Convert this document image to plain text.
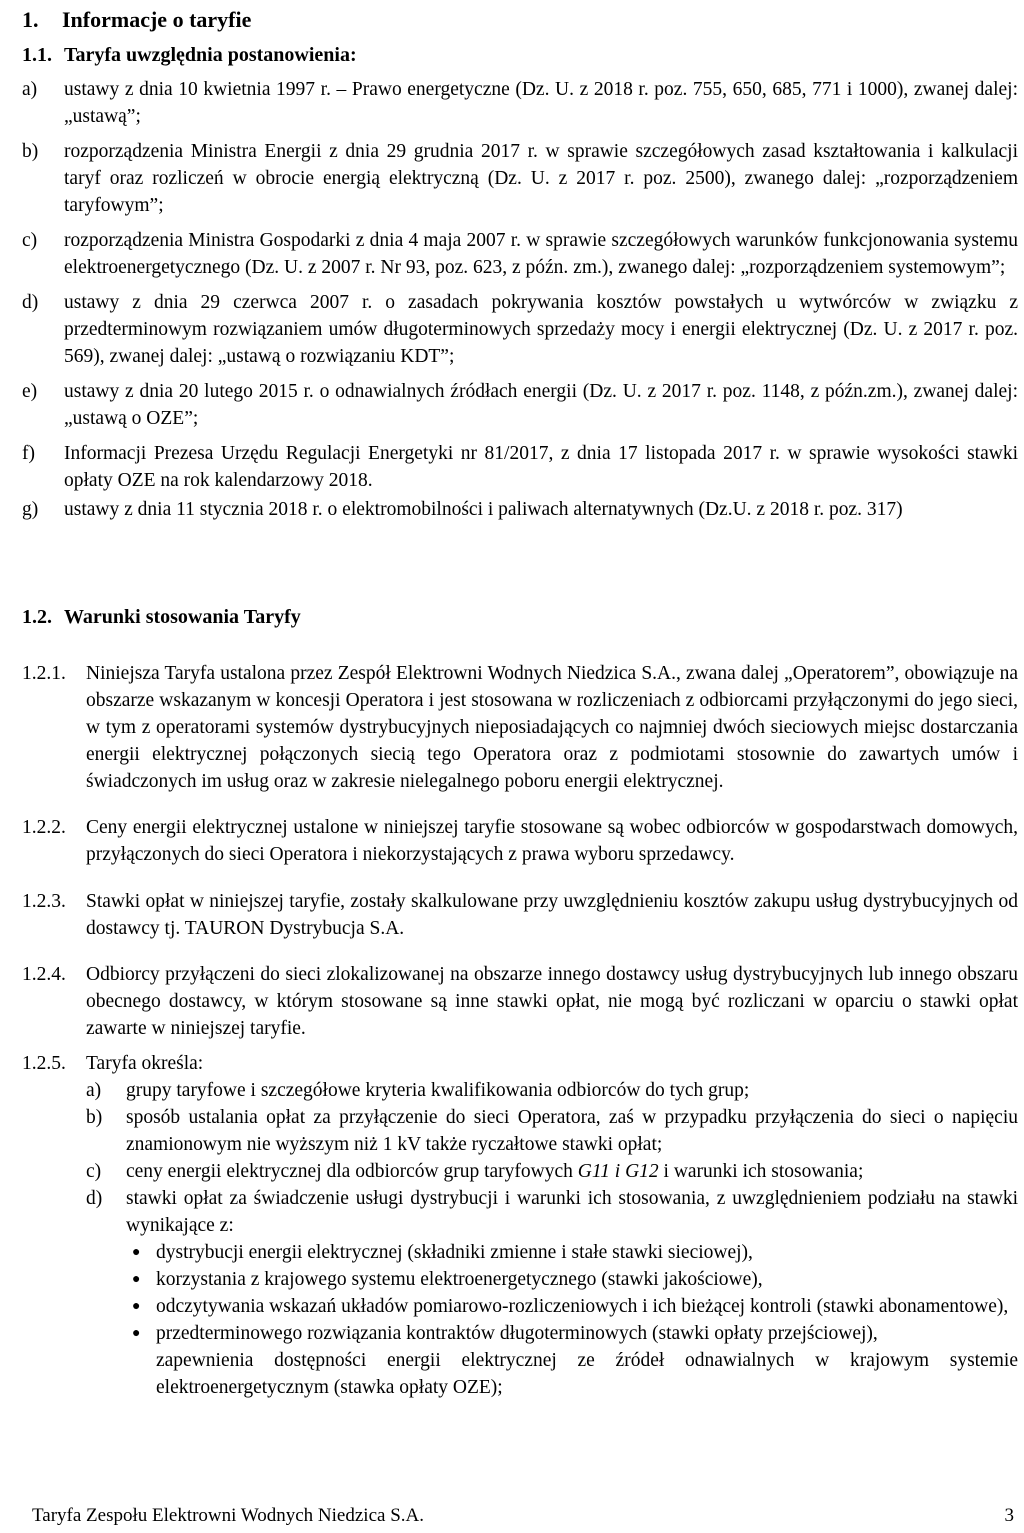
1. Informacje o taryfie
1.1. Taryfa uwzględnia postanowienia:

a) ustawy z dnia 10 kwietnia 1997 r. – Prawo energetyczne (Dz. U. z 2018 r. poz. 755, 650, 685, 771 i 1000), zwanej dalej: „ustawą”;

b) rozporządzenia Ministra Energii z dnia 29 grudnia 2017 r. w sprawie szczegółowych zasad kształtowania i kalkulacji taryf oraz rozliczeń w obrocie energią elektryczną (Dz. U. z 2017 r. poz. 2500), zwanego dalej: „rozporządzeniem taryfowym”;

c) rozporządzenia Ministra Gospodarki z dnia 4 maja 2007 r. w sprawie szczegółowych warunków funkcjonowania systemu elektroenergetycznego (Dz. U. z 2007 r. Nr 93, poz. 623, z późn. zm.), zwanego dalej: „rozporządzeniem systemowym”;

d) ustawy z dnia 29 czerwca 2007 r. o zasadach pokrywania kosztów powstałych u wytwórców w związku z przedterminowym rozwiązaniem umów długoterminowych sprzedaży mocy i energii elektrycznej (Dz. U. z 2017 r. poz. 569), zwanej dalej: „ustawą o rozwiązaniu KDT”;

e) ustawy z dnia 20 lutego 2015 r. o odnawialnych źródłach energii (Dz. U. z 2017 r. poz. 1148, z późn.zm.), zwanej dalej: „ustawą o OZE”;

f) Informacji Prezesa Urzędu Regulacji Energetyki nr 81/2017, z dnia 17 listopada 2017 r. w sprawie wysokości stawki opłaty OZE na rok kalendarzowy 2018.

g) ustawy z dnia 11 stycznia 2018 r. o elektromobilności i paliwach alternatywnych (Dz.U. z 2018 r. poz. 317)

1.2. Warunki stosowania Taryfy

1.2.1. Niniejsza Taryfa ustalona przez Zespół Elektrowni Wodnych Niedzica S.A., zwana dalej „Operatorem”, obowiązuje na obszarze wskazanym w koncesji Operatora i jest stosowana w rozliczeniach z odbiorcami przyłączonymi do jego sieci, w tym z operatorami systemów dystrybucyjnych nieposiadających co najmniej dwóch sieciowych miejsc dostarczania energii elektrycznej połączonych siecią tego Operatora oraz z podmiotami stosownie do zawartych umów i świadczonych im usług oraz w zakresie nielegalnego poboru energii elektrycznej.

1.2.2. Ceny energii elektrycznej ustalone w niniejszej taryfie stosowane są wobec odbiorców w gospodarstwach domowych, przyłączonych do sieci Operatora i niekorzystających z prawa wyboru sprzedawcy.

1.2.3. Stawki opłat w niniejszej taryfie, zostały skalkulowane przy uwzględnieniu kosztów zakupu usług dystrybucyjnych od dostawcy tj. TAURON Dystrybucja S.A.

1.2.4. Odbiorcy przyłączeni do sieci zlokalizowanej na obszarze innego dostawcy usług dystrybucyjnych lub innego obszaru obecnego dostawcy, w którym stosowane są inne stawki opłat, nie mogą być rozliczani w oparciu o stawki opłat zawarte w niniejszej taryfie.

1.2.5. Taryfa określa:
a) grupy taryfowe i szczegółowe kryteria kwalifikowania odbiorców do tych grup;
b) sposób ustalania opłat za przyłączenie do sieci Operatora, zaś w przypadku przyłączenia do sieci o napięciu znamionowym nie wyższym niż 1 kV także ryczałtowe stawki opłat;
c) ceny energii elektrycznej dla odbiorców grup taryfowych G11 i G12 i warunki ich stosowania;
d) stawki opłat za świadczenie usługi dystrybucji i warunki ich stosowania, z uwzględnieniem podziału na stawki wynikające z:
● dystrybucji energii elektrycznej (składniki zmienne i stałe stawki sieciowej),
● korzystania z krajowego systemu elektroenergetycznego (stawki jakościowe),
● odczytywania wskazań układów pomiarowo-rozliczeniowych i ich bieżącej kontroli (stawki abonamentowe),
● przedterminowego rozwiązania kontraktów długoterminowych (stawki opłaty przejściowej),
zapewnienia dostępności energii elektrycznej ze źródeł odnawialnych w krajowym systemie elektroenergetycznym (stawka opłaty OZE);
Taryfa Zespołu Elektrowni Wodnych Niedzica S.A.	3
